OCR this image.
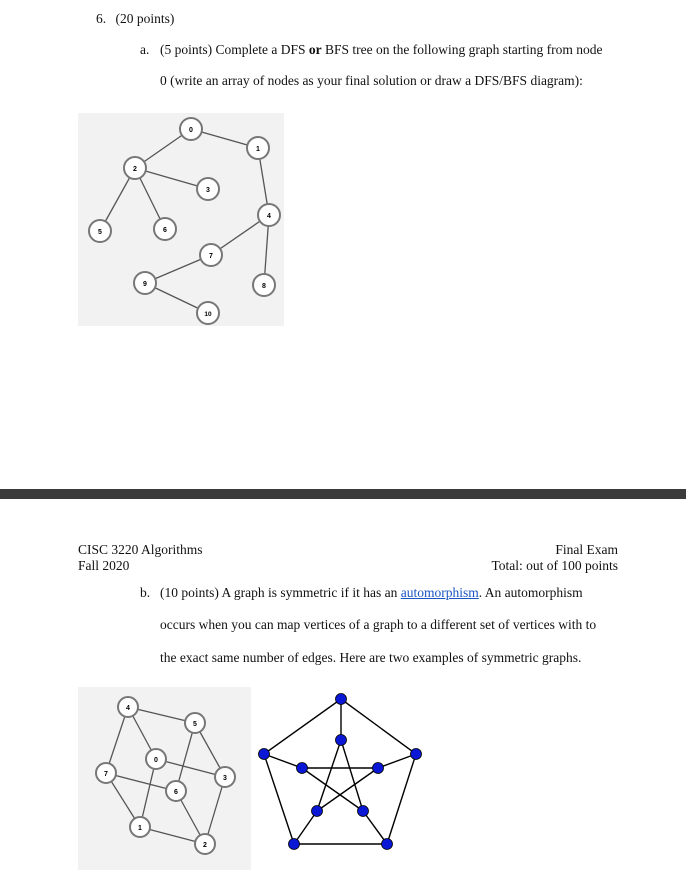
6. (20 points)
a. (5 points) Complete a DFS or BFS tree on the following graph starting from node
0 (write an array of nodes as your final solution or draw a DFS/BFS diagram):
0
1
2
3
4
5	6
7
8
9
10
CISC 3220 Algorithms
Fall 2020
Final Exam
Total: out of 100 points
b. (10 points) A graph is symmetric if it has an automorphism. An automorphism
occurs when you can map vertices of a graph to a different set of vertices with to
the exact same number of edges. Here are two examples of symmetric graphs.
4
5
0
7
3
6
1
2
